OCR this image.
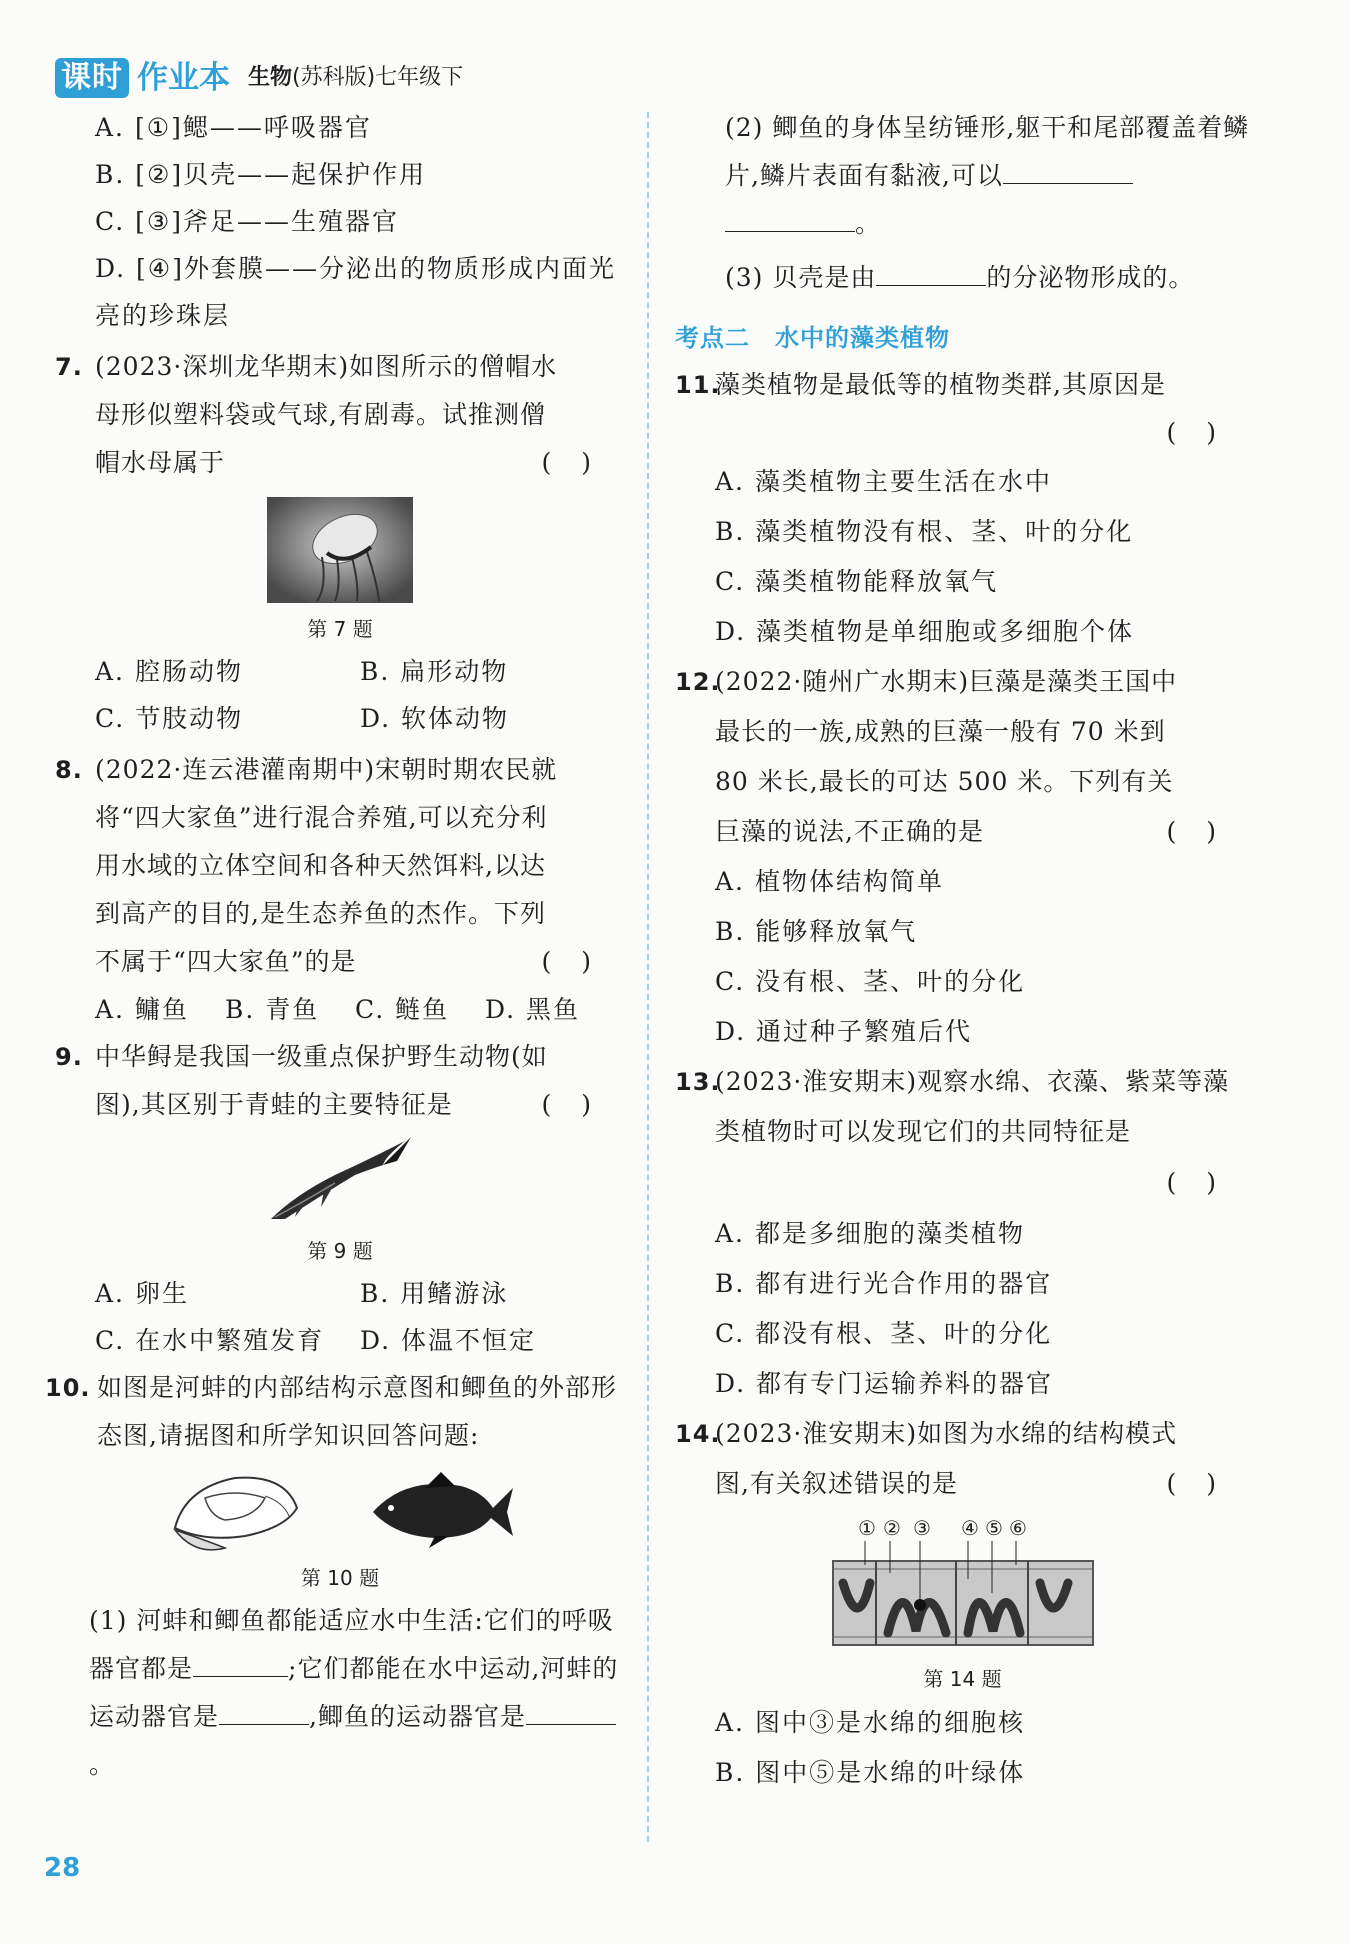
课时 作业本 生物(苏科版)七年级下
A. [①]鳃——呼吸器官
B. [②]贝壳——起保护作用
C. [③]斧足——生殖器官
D. [④]外套膜——分泌出的物质形成内面光亮的珍珠层
7. (2023·深圳龙华期末)如图所示的僧帽水母形似塑料袋或气球,有剧毒。试推测僧帽水母属于	()
第 7 题
A. 腔肠动物	B. 扁形动物
C. 节肢动物	D. 软体动物
8. (2022·连云港灌南期中)宋朝时期农民就将“四大家鱼”进行混合养殖,可以充分利用水域的立体空间和各种天然饵料,以达到高产的目的,是生态养鱼的杰作。下列不属于“四大家鱼”的是	()
A. 鳙鱼	B. 青鱼	C. 鲢鱼	D. 黑鱼
9. 中华鲟是我国一级重点保护野生动物(如图),其区别于青蛙的主要特征是	()
第 9 题
A. 卵生	B. 用鳍游泳
C. 在水中繁殖发育	D. 体温不恒定
10. 如图是河蚌的内部结构示意图和鲫鱼的外部形态图,请据图和所学知识回答问题:
第 10 题
(1) 河蚌和鲫鱼都能适应水中生活:它们的呼吸器官都是	;它们都能在水中运动,河蚌的运动器官是	,鲫鱼的运动器官是。
(2) 鲫鱼的身体呈纺锤形,躯干和尾部覆盖着鳞片,鳞片表面有黏液,可以
。
(3) 贝壳是由	的分泌物形成的。
考点二　水中的藻类植物
11.
藻类植物是最低等的植物类群,其原因是
()
A. 藻类植物主要生活在水中
B. 藻类植物没有根、茎、叶的分化
C. 藻类植物能释放氧气
D. 藻类植物是单细胞或多细胞个体
12.
(2022·随州广水期末)巨藻是藻类王国中最长的一族,成熟的巨藻一般有 70 米到 80 米长,最长的可达 500 米。下列有关巨藻的说法,不正确的是	()
A. 植物体结构简单
B. 能够释放氧气
C. 没有根、茎、叶的分化
D. 通过种子繁殖后代
13.
(2023·淮安期末)观察水绵、衣藻、紫菜等藻类植物时可以发现它们的共同特征是
()
A. 都是多细胞的藻类植物
B. 都有进行光合作用的器官
C. 都没有根、茎、叶的分化
D. 都有专门运输养料的器官
14.
(2023·淮安期末)如图为水绵的结构模式图,有关叙述错误的是	()
① ② ③ ④ ⑤ ⑥
第 14 题
A. 图中③是水绵的细胞核
B. 图中⑤是水绵的叶绿体
28
